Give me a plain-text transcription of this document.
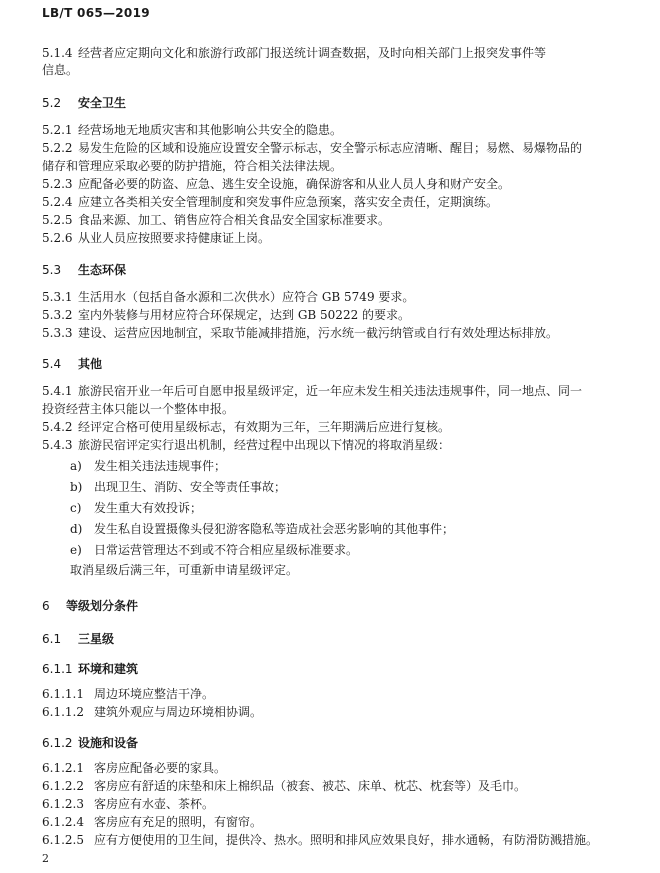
LB/T 065—2019
5.1.4 经营者应定期向文化和旅游行政部门报送统计调查数据，及时向相关部门上报突发事件等
信息。
5.2 安全卫生
5.2.1 经营场地无地质灾害和其他影响公共安全的隐患。
5.2.2 易发生危险的区域和设施应设置安全警示标志，安全警示标志应清晰、醒目；易燃、易爆物品的
储存和管理应采取必要的防护措施，符合相关法律法规。
5.2.3 应配备必要的防盗、应急、逃生安全设施，确保游客和从业人员人身和财产安全。
5.2.4 应建立各类相关安全管理制度和突发事件应急预案，落实安全责任，定期演练。
5.2.5 食品来源、加工、销售应符合相关食品安全国家标准要求。
5.2.6 从业人员应按照要求持健康证上岗。
5.3 生态环保
5.3.1 生活用水（包括自备水源和二次供水）应符合 GB 5749 要求。
5.3.2 室内外装修与用材应符合环保规定，达到 GB 50222 的要求。
5.3.3 建设、运营应因地制宜，采取节能减排措施，污水统一截污纳管或自行有效处理达标排放。
5.4 其他
5.4.1 旅游民宿开业一年后可自愿申报星级评定，近一年应未发生相关违法违规事件，同一地点、同一
投资经营主体只能以一个整体申报。
5.4.2 经评定合格可使用星级标志，有效期为三年，三年期满后应进行复核。
5.4.3 旅游民宿评定实行退出机制，经营过程中出现以下情况的将取消星级：
a) 发生相关违法违规事件；
b) 出现卫生、消防、安全等责任事故；
c) 发生重大有效投诉；
d) 发生私自设置摄像头侵犯游客隐私等造成社会恶劣影响的其他事件；
e) 日常运营管理达不到或不符合相应星级标准要求。
取消星级后满三年，可重新申请星级评定。
6 等级划分条件
6.1 三星级
6.1.1 环境和建筑
6.1.1.1 周边环境应整洁干净。
6.1.1.2 建筑外观应与周边环境相协调。
6.1.2 设施和设备
6.1.2.1 客房应配备必要的家具。
6.1.2.2 客房应有舒适的床垫和床上棉织品（被套、被芯、床单、枕芯、枕套等）及毛巾。
6.1.2.3 客房应有水壶、茶杯。
6.1.2.4 客房应有充足的照明，有窗帘。
6.1.2.5 应有方便使用的卫生间，提供冷、热水。照明和排风应效果良好，排水通畅，有防滑防溅措施。
2
